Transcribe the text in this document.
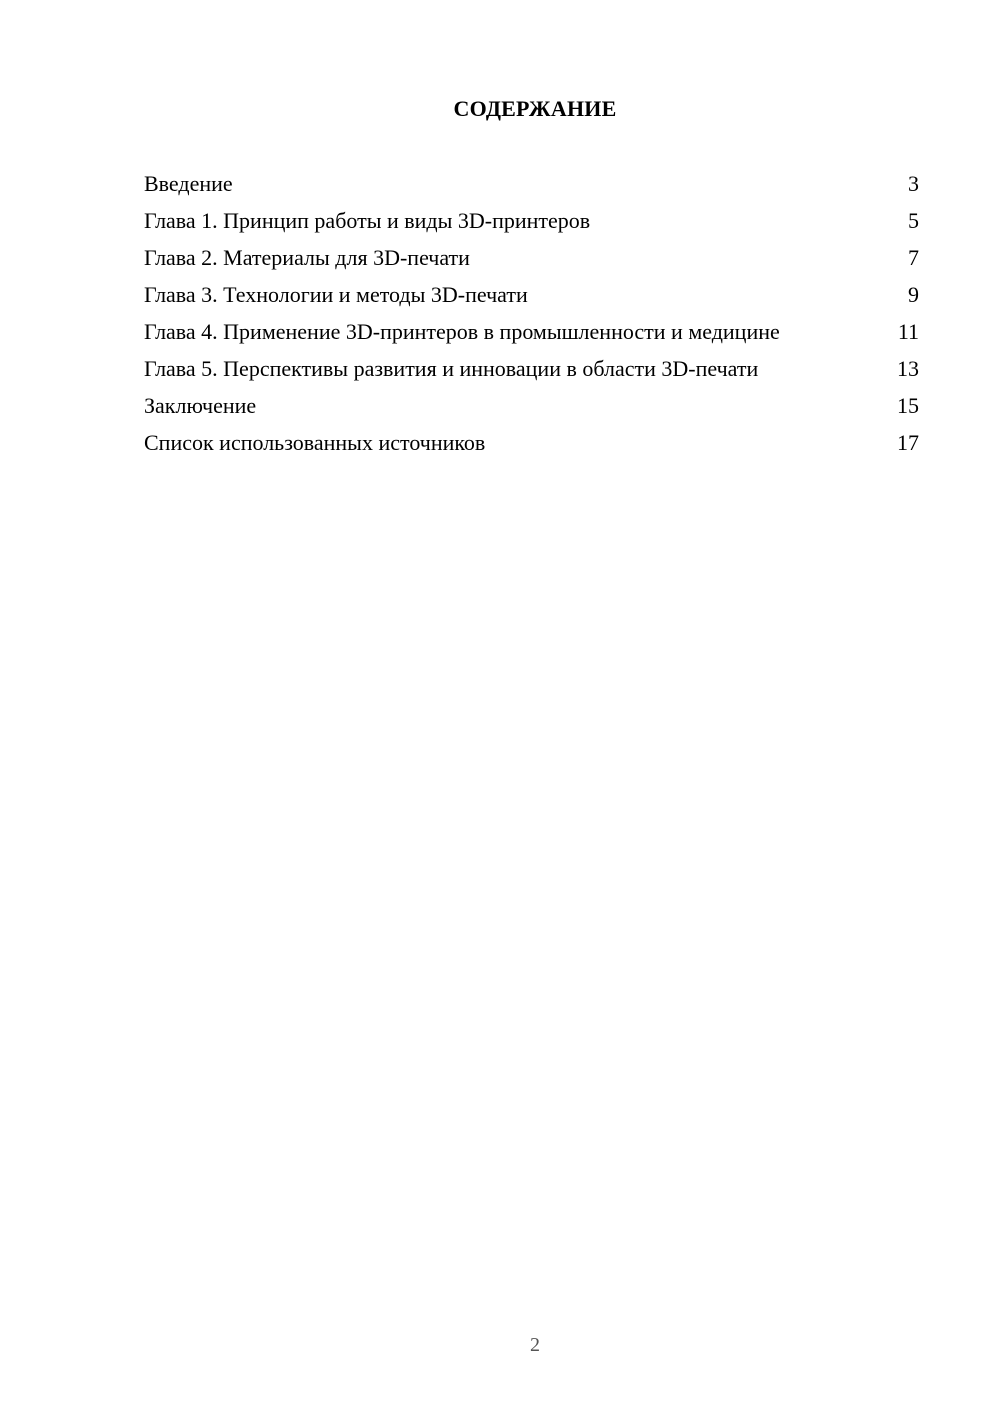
СОДЕРЖАНИЕ
Введение	3
Глава 1. Принцип работы и виды 3D-принтеров	5
Глава 2. Материалы для 3D-печати	7
Глава 3. Технологии и методы 3D-печати	9
Глава 4. Применение 3D-принтеров в промышленности и медицине	11
Глава 5. Перспективы развития и инновации в области 3D-печати	13
Заключение	15
Список использованных источников	17
2
